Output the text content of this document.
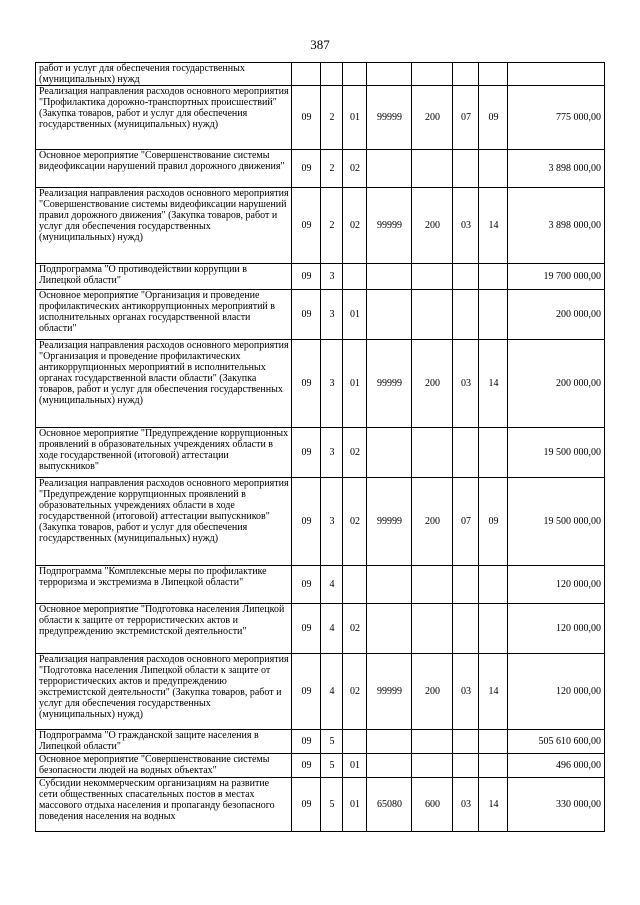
387
работ и услуг для обеспечения государственных (муниципальных) нужд								
Реализация направления расходов основного мероприятия "Профилактика дорожно-транспортных происшествий" (Закупка товаров, работ и услуг для обеспечения государственных (муниципальных) нужд)	09	2	01	99999	200	07	09	775 000,00
Основное мероприятие "Совершенствование системы видеофиксации нарушений правил дорожного движения"	09	2	02					3 898 000,00
Реализация направления расходов основного мероприятия "Совершенствование системы видеофиксации нарушений правил дорожного движения" (Закупка товаров, работ и услуг для обеспечения государственных (муниципальных) нужд)	09	2	02	99999	200	03	14	3 898 000,00
Подпрограмма "О противодействии коррупции в Липецкой области"	09	3						19 700 000,00
Основное мероприятие "Организация и проведение профилактических антикоррупционных мероприятий в исполнительных органах государственной власти области"	09	3	01					200 000,00
Реализация направления расходов основного мероприятия "Организация и проведение профилактических антикоррупционных мероприятий в исполнительных органах государственной власти области" (Закупка товаров, работ и услуг для обеспечения государственных (муниципальных) нужд)	09	3	01	99999	200	03	14	200 000,00
Основное мероприятие "Предупреждение коррупционных проявлений в образовательных учреждениях области в ходе государственной (итоговой) аттестации выпускников"	09	3	02					19 500 000,00
Реализация направления расходов основного мероприятия "Предупреждение коррупционных проявлений в образовательных учреждениях области в ходе государственной (итоговой) аттестации выпускников" (Закупка товаров, работ и услуг для обеспечения государственных (муниципальных) нужд)	09	3	02	99999	200	07	09	19 500 000,00
Подпрограмма "Комплексные меры по профилактике терроризма и экстремизма в Липецкой области"	09	4						120 000,00
Основное мероприятие "Подготовка населения Липецкой области к защите от террористических актов и предупреждению экстремистской деятельности"	09	4	02					120 000,00
Реализация направления расходов основного мероприятия "Подготовка населения Липецкой области к защите от террористических актов и предупреждению экстремистской деятельности" (Закупка товаров, работ и услуг для обеспечения государственных (муниципальных) нужд)	09	4	02	99999	200	03	14	120 000,00
Подпрограмма "О гражданской защите населения в Липецкой области"	09	5						505 610 600,00
Основное мероприятие "Совершенствование системы безопасности людей на водных объектах"	09	5	01					496 000,00
Субсидии некоммерческим организациям на развитие сети общественных спасательных постов в местах массового отдыха населения и пропаганду безопасного поведения населения на водных	09	5	01	65080	600	03	14	330 000,00
